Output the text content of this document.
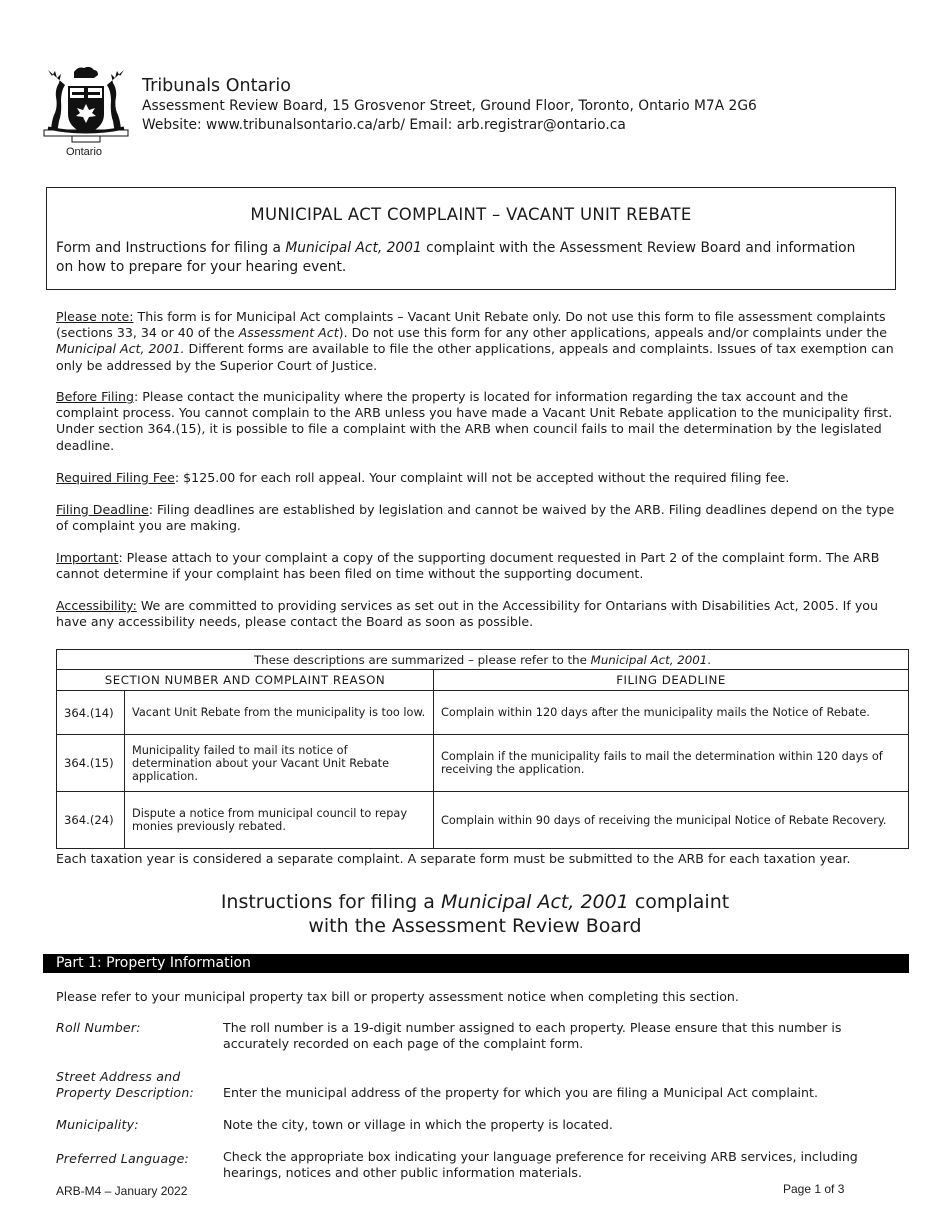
Ontario
Tribunals Ontario
Assessment Review Board, 15 Grosvenor Street, Ground Floor, Toronto, Ontario M7A 2G6
Website: www.tribunalsontario.ca/arb/ Email: arb.registrar@ontario.ca
MUNICIPAL ACT COMPLAINT – VACANT UNIT REBATE
Form and Instructions for filing a Municipal Act, 2001 complaint with the Assessment Review Board and information on how to prepare for your hearing event.
Please note: This form is for Municipal Act complaints – Vacant Unit Rebate only. Do not use this form to file assessment complaints (sections 33, 34 or 40 of the Assessment Act). Do not use this form for any other applications, appeals and/or complaints under the Municipal Act, 2001. Different forms are available to file the other applications, appeals and complaints. Issues of tax exemption can only be addressed by the Superior Court of Justice.
Before Filing: Please contact the municipality where the property is located for information regarding the tax account and the complaint process. You cannot complain to the ARB unless you have made a Vacant Unit Rebate application to the municipality first. Under section 364.(15), it is possible to file a complaint with the ARB when council fails to mail the determination by the legislated deadline.
Required Filing Fee: $125.00 for each roll appeal. Your complaint will not be accepted without the required filing fee.
Filing Deadline: Filing deadlines are established by legislation and cannot be waived by the ARB. Filing deadlines depend on the type of complaint you are making.
Important: Please attach to your complaint a copy of the supporting document requested in Part 2 of the complaint form. The ARB cannot determine if your complaint has been filed on time without the supporting document.
Accessibility: We are committed to providing services as set out in the Accessibility for Ontarians with Disabilities Act, 2005. If you have any accessibility needs, please contact the Board as soon as possible.
These descriptions are summarized – please refer to the Municipal Act, 2001.		
SECTION NUMBER AND COMPLAINT REASON		FILING DEADLINE
364.(14)	Vacant Unit Rebate from the municipality is too low.	Complain within 120 days after the municipality mails the Notice of Rebate.
364.(15)	Municipality failed to mail its notice of determination about your Vacant Unit Rebate application.	Complain if the municipality fails to mail the determination within 120 days of receiving the application.
364.(24)	Dispute a notice from municipal council to repay monies previously rebated.	Complain within 90 days of receiving the municipal Notice of Rebate Recovery.
Each taxation year is considered a separate complaint. A separate form must be submitted to the ARB for each taxation year.
Instructions for filing a Municipal Act, 2001 complaint
with the Assessment Review Board
Part 1: Property Information
Please refer to your municipal property tax bill or property assessment notice when completing this section.
Roll Number:	The roll number is a 19-digit number assigned to each property. Please ensure that this number is accurately recorded on each page of the complaint form.
Street Address and
Property Description: Enter the municipal address of the property for which you are filing a Municipal Act complaint.
Municipality:	Note the city, town or village in which the property is located.
Preferred Language:	Check the appropriate box indicating your language preference for receiving ARB services, including hearings, notices and other public information materials.
ARB-M4 – January 2022	Page 1 of 3
